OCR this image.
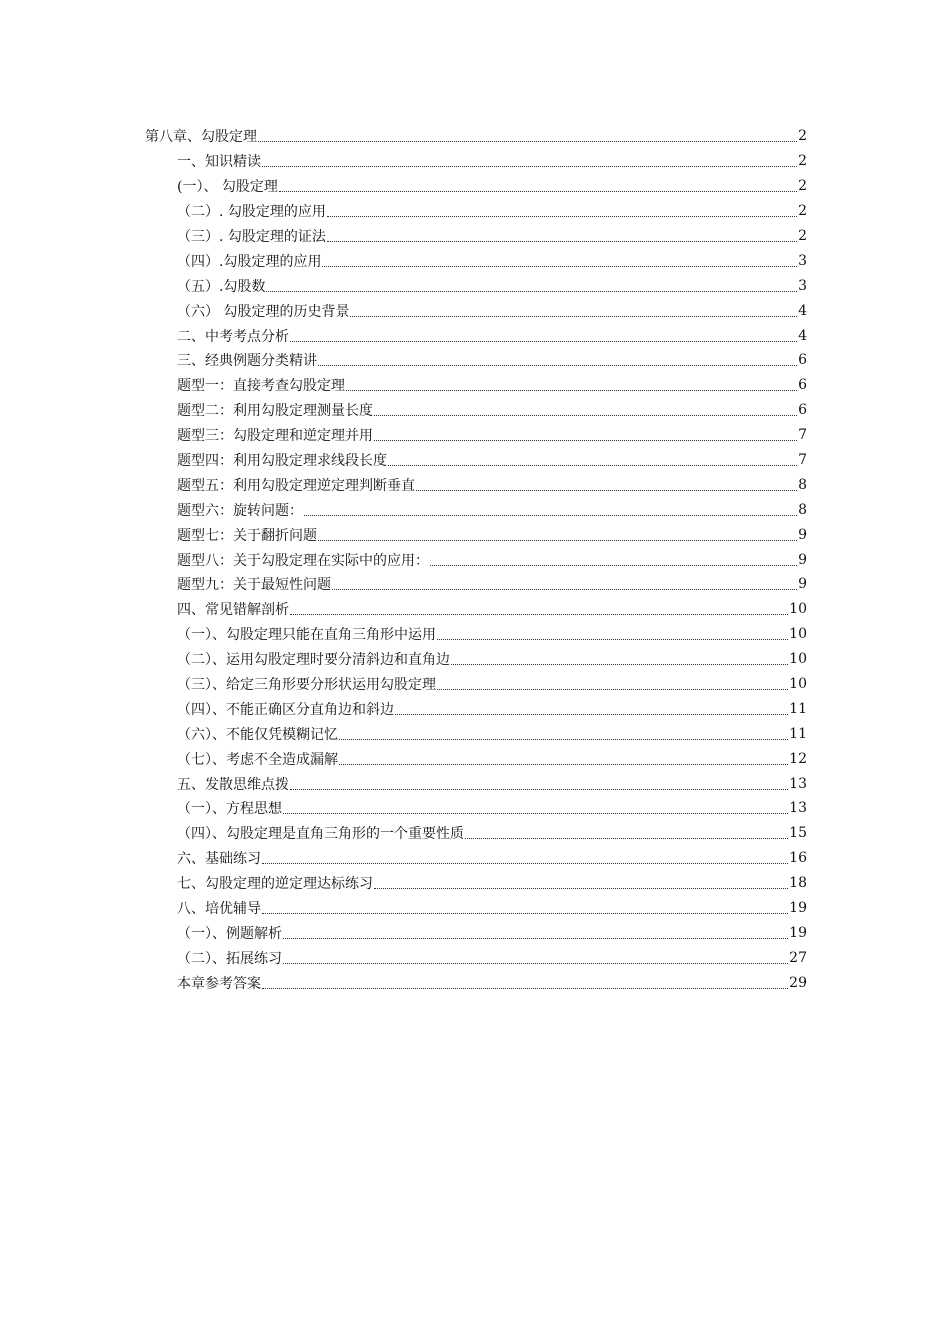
第八章、勾股定理	2
一、知识精读	2
(一）、 勾股定理	2
（二）. 勾股定理的应用	2
（三）. 勾股定理的证法	2
（四）.勾股定理的应用	3
（五）.勾股数	3
（六） 勾股定理的历史背景	4
二、中考考点分析	4
三、经典例题分类精讲	6
题型一：直接考查勾股定理	6
题型二：利用勾股定理测量长度	6
题型三：勾股定理和逆定理并用	7
题型四：利用勾股定理求线段长度	7
题型五：利用勾股定理逆定理判断垂直	8
题型六：旋转问题：	8
题型七：关于翻折问题	9
题型八：关于勾股定理在实际中的应用：	9
题型九：关于最短性问题	9
四、常见错解剖析	10
（一）、勾股定理只能在直角三角形中运用	10
（二）、运用勾股定理时要分清斜边和直角边	10
（三）、给定三角形要分形状运用勾股定理	10
（四）、不能正确区分直角边和斜边	11
（六）、不能仅凭模糊记忆	11
（七）、考虑不全造成漏解	12
五、发散思维点拨	13
（一）、方程思想	13
（四）、勾股定理是直角三角形的一个重要性质	15
六、基础练习	16
七、勾股定理的逆定理达标练习	18
八、培优辅导	19
（一）、例题解析	19
（二）、拓展练习	27
本章参考答案	29
